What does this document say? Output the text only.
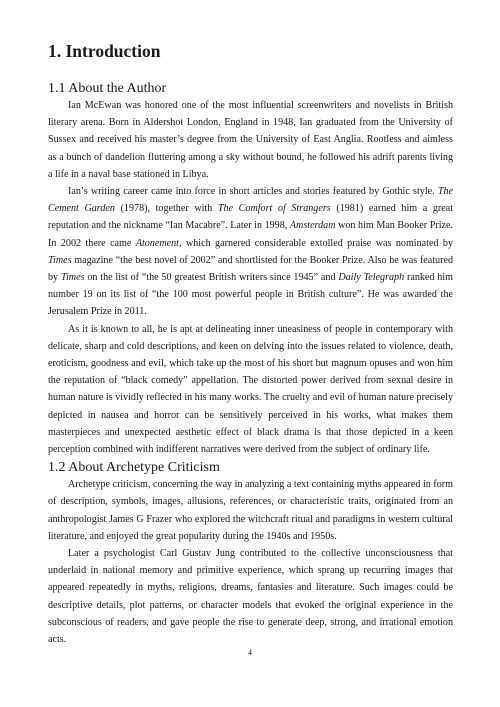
1. Introduction
1.1 About the Author

Ian McEwan was honored one of the most influential screenwriters and novelists in British literary arena. Born in Aldershot London, England in 1948, Ian graduated from the University of Sussex and received his master’s degree from the University of East Anglia. Rootless and aimless as a bunch of dandelion fluttering among a sky without bound, he followed his adrift parents living a life in a naval base stationed in Libya.

Ian’s writing career came into force in short articles and stories featured by Gothic style. The Cement Garden (1978), together with The Comfort of Strangers (1981) earned him a great reputation and the nickname “Ian Macabre”. Later in 1998, Amsterdam won him Man Booker Prize. In 2002 there came Atonement, which garnered considerable extolled praise was nominated by Times magazine “the best novel of 2002” and shortlisted for the Booker Prize. Also he was featured by Times on the list of “the 50 greatest British writers since 1945” and Daily Telegraph ranked him number 19 on its list of “the 100 most powerful people in British culture”. He was awarded the Jerusalem Prize in 2011.

As it is known to all, he is apt at delineating inner uneasiness of people in contemporary with delicate, sharp and cold descriptions, and keen on delving into the issues related to violence, death, eroticism, goodness and evil, which take up the most of his short but magnum opuses and won him the reputation of “black comedy” appellation. The distorted power derived from sexual desire in human nature is vividly reflected in his many works. The cruelty and evil of human nature precisely depicted in nausea and horror can be sensitively perceived in his works, what makes them masterpieces and unexpected aesthetic effect of black drama is that those depicted in a keen perception combined with indifferent narratives were derived from the subject of ordinary life.

1.2 About Archetype Criticism

Archetype criticism, concerning the way in analyzing a text containing myths appeared in form of description, symbols, images, allusions, references, or characteristic traits, originated from an anthropologist James G Frazer who explored the witchcraft ritual and paradigms in western cultural literature, and enjoyed the great popularity during the 1940s and 1950s.

Later a psychologist Carl Gustav Jung contributed to the collective unconsciousness that underlaid in national memory and primitive experience, which sprang up recurring images that appeared repeatedly in myths, religions, dreams, fantasies and literature. Such images could be descriptive details, plot patterns, or character models that evoked the original experience in the subconscious of readers, and gave people the rise to generate deep, strong, and irrational emotion acts.

4
